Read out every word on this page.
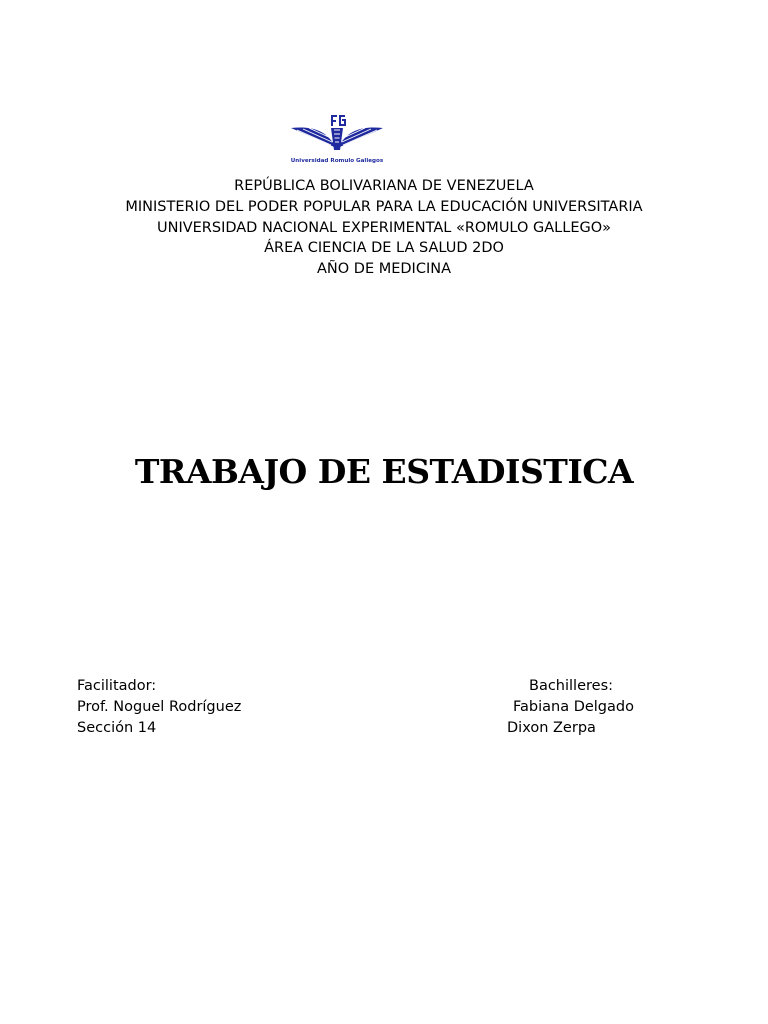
Universidad Romulo Gallegos
REPÚBLICA BOLIVARIANA DE VENEZUELA
MINISTERIO DEL PODER POPULAR PARA LA EDUCACIÓN UNIVERSITARIA
UNIVERSIDAD NACIONAL EXPERIMENTAL «ROMULO GALLEGO»
ÁREA CIENCIA DE LA SALUD 2DO
AÑO DE MEDICINA
TRABAJO DE ESTADISTICA
Facilitador:
Prof. Noguel Rodríguez
Sección 14
Bachilleres:
Fabiana Delgado
Dixon Zerpa
